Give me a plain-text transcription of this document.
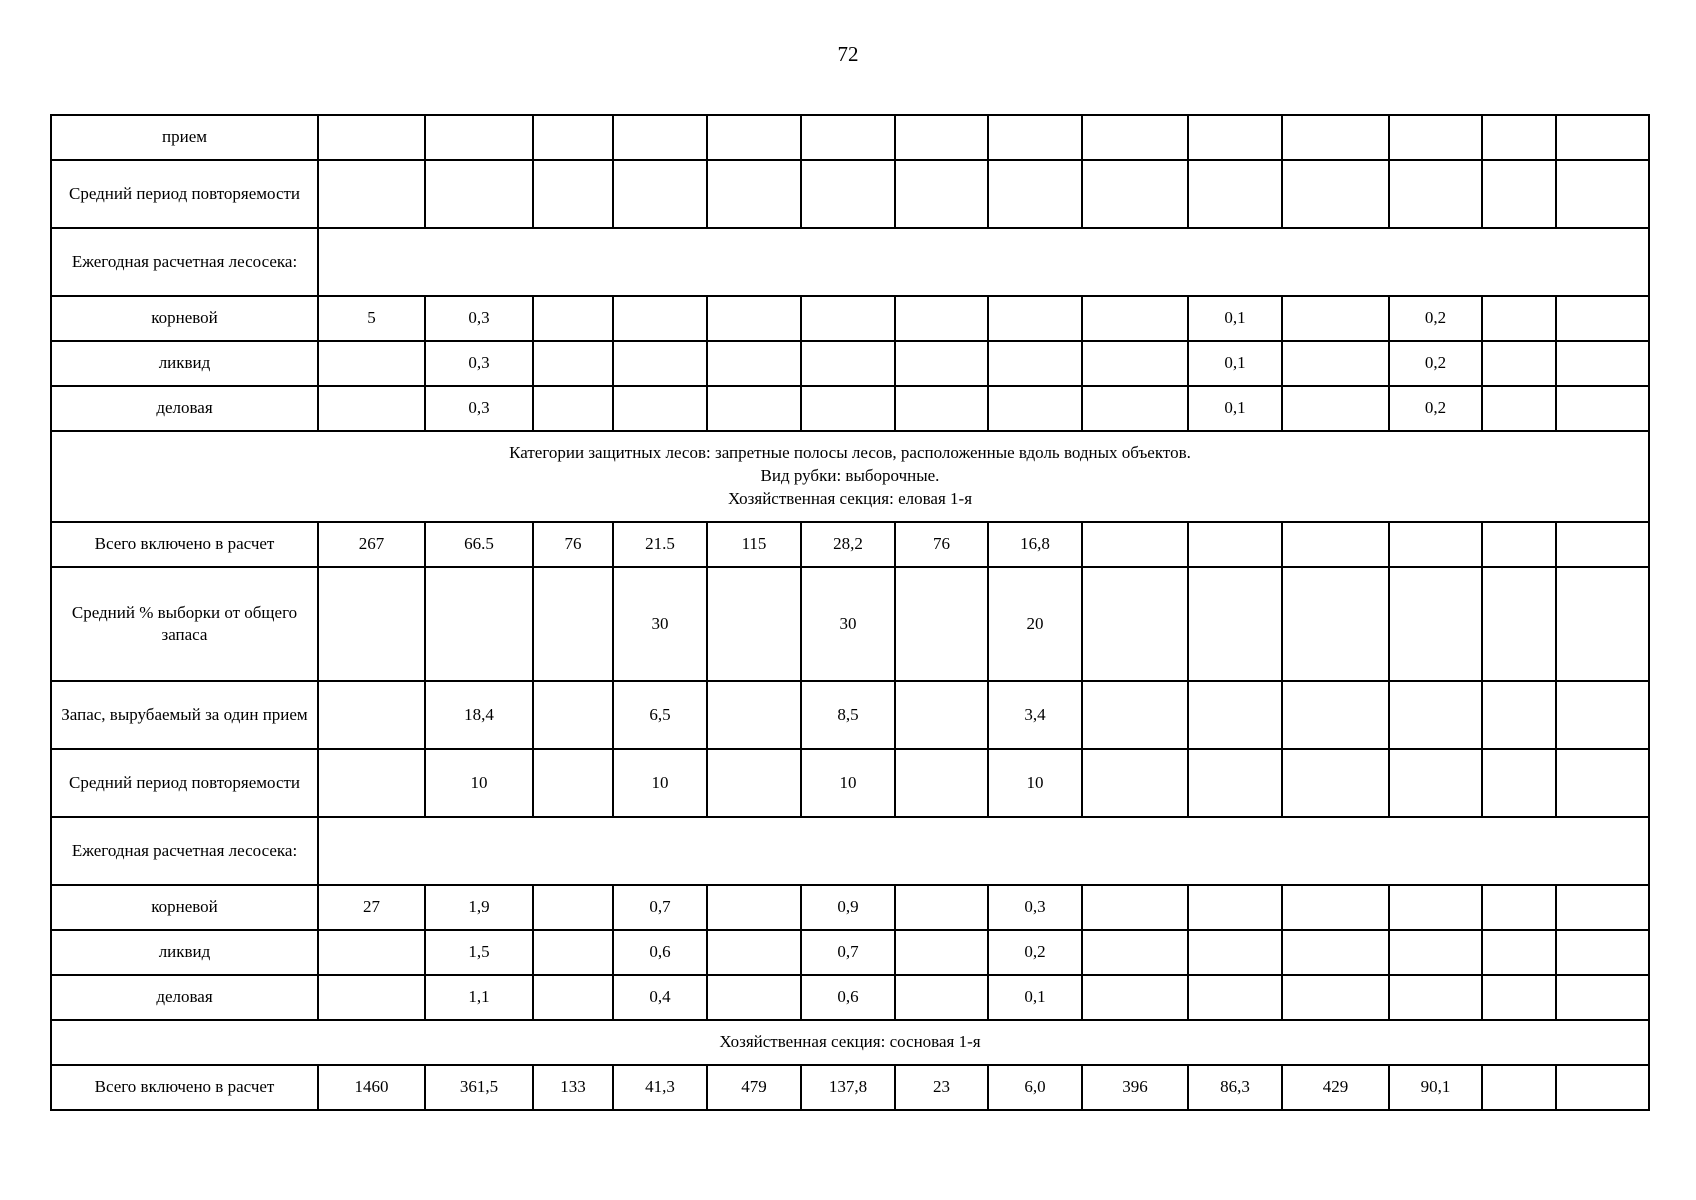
72
прием														
Средний период повторяемости														
Ежегодная расчетная лесосека:														
корневой	5	0,3								0,1		0,2		
ликвид		0,3								0,1		0,2		
деловая		0,3								0,1		0,2		

Категории защитных лесов: запретные полосы лесов, расположенные вдоль водных объектов.
Вид рубки: выборочные.
Хозяйственная секция: еловая 1-я														

Всего включено в расчет	267	66.5	76	21.5	115	28,2	76	16,8						
Средний % выборки от общего запаса				30		30		20						
Запас, вырубаемый за один прием		18,4		6,5		8,5		3,4						
Средний период повторяемости		10		10		10		10						
Ежегодная расчетная лесосека:														
корневой	27	1,9		0,7		0,9		0,3						
ликвид		1,5		0,6		0,7		0,2						
деловая		1,1		0,4		0,6		0,1						

Хозяйственная секция: сосновая 1-я														

Всего включено в расчет	1460	361,5	133	41,3	479	137,8	23	6,0	396	86,3	429	90,1		
